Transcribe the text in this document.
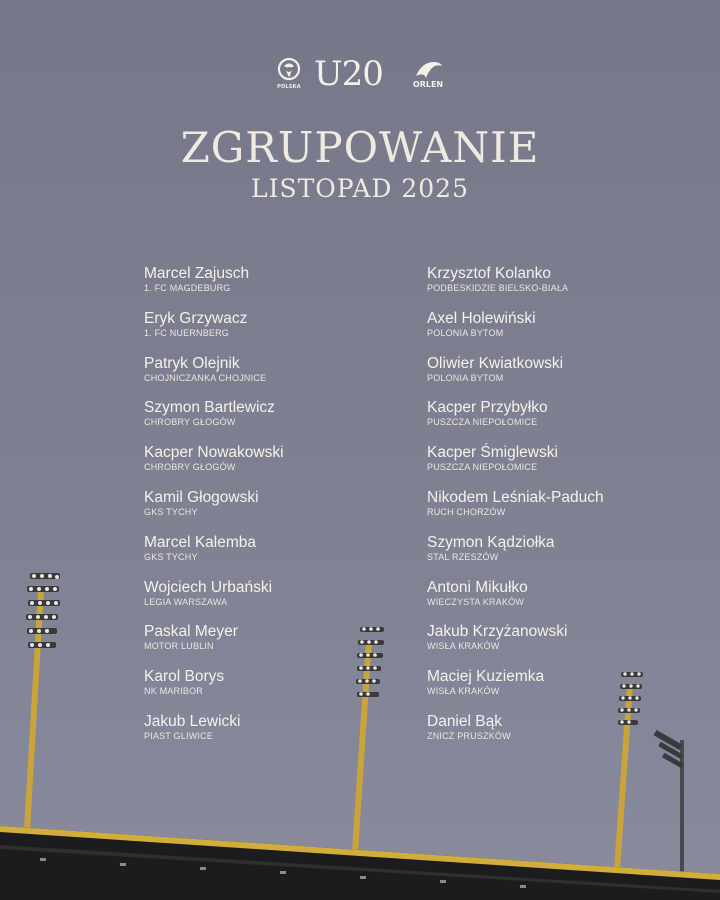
POLSKA U20	ORLEN
ZGRUPOWANIE
LISTOPAD 2025
Marcel Zajusch
1. FC MAGDEBURG
Eryk Grzywacz
1. FC NUERNBERG
Patryk Olejnik
CHOJNICZANKA CHOJNICE
Szymon Bartlewicz
CHROBRY GŁOGÓW
Kacper Nowakowski
CHROBRY GŁOGÓW
Kamil Głogowski
GKS TYCHY
Marcel Kalemba
GKS TYCHY
Wojciech Urbański
LEGIA WARSZAWA
Paskal Meyer
MOTOR LUBLIN
Karol Borys
NK MARIBOR
Jakub Lewicki
PIAST GLIWICE
Krzysztof Kolanko
PODBESKIDZIE BIELSKO-BIAŁA
Axel Holewiński
POLONIA BYTOM
Oliwier Kwiatkowski
POLONIA BYTOM
Kacper Przybyłko
PUSZCZA NIEPOŁOMICE
Kacper Śmiglewski
PUSZCZA NIEPOŁOMICE
Nikodem Leśniak-Paduch
RUCH CHORZÓW
Szymon Kądziołka
STAL RZESZÓW
Antoni Mikułko
WIECZYSTA KRAKÓW
Jakub Krzyżanowski
WISŁA KRAKÓW
Maciej Kuziemka
WISŁA KRAKÓW
Daniel Bąk
ZNICZ PRUSZKÓW
